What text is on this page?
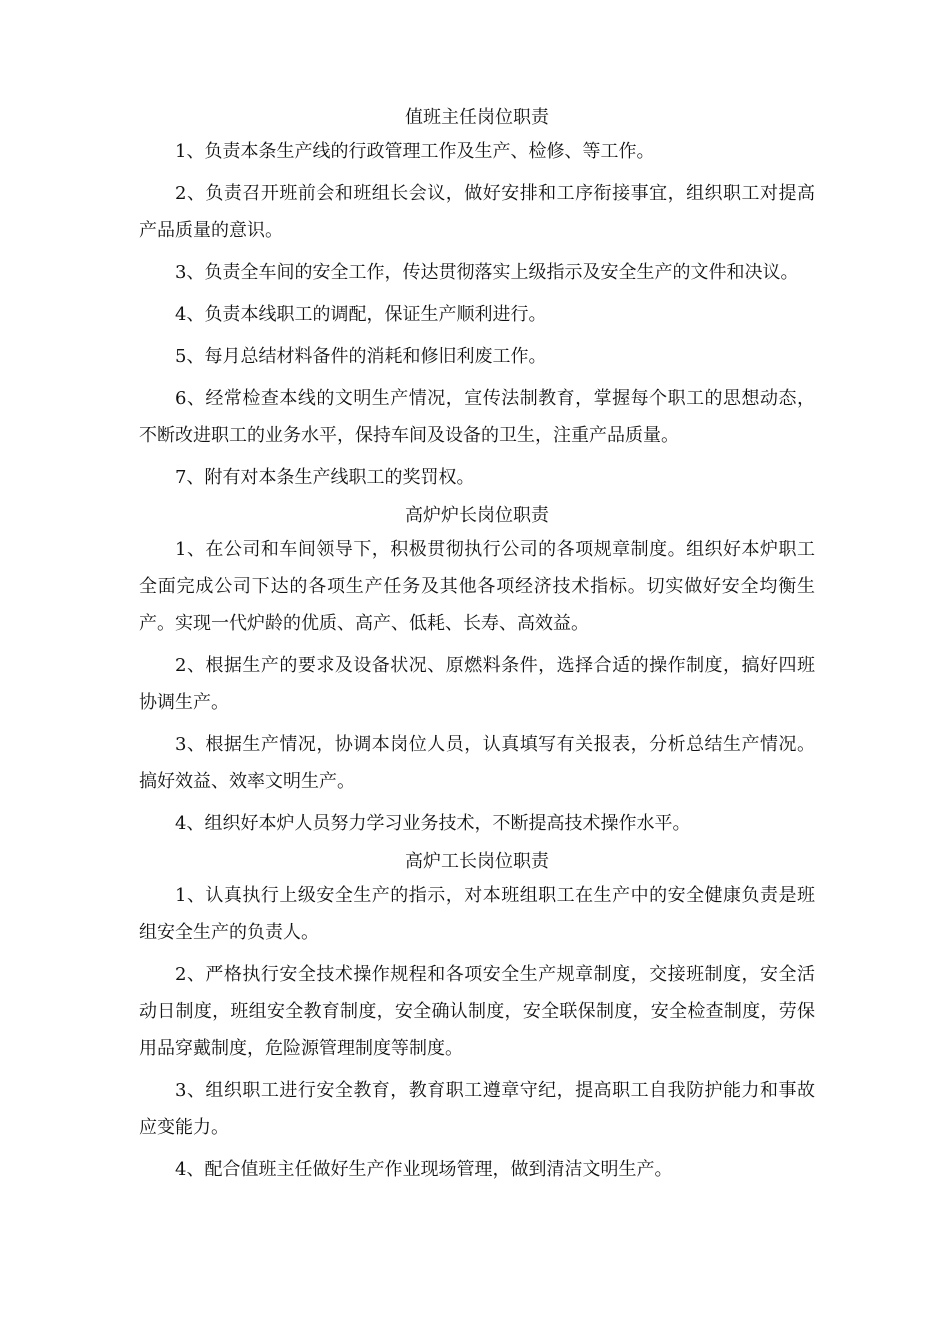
值班主任岗位职责

1、负责本条生产线的行政管理工作及生产、检修、等工作。

2、负责召开班前会和班组长会议，做好安排和工序衔接事宜，组织职工对提高产品质量的意识。

3、负责全车间的安全工作，传达贯彻落实上级指示及安全生产的文件和决议。

4、负责本线职工的调配，保证生产顺利进行。

5、每月总结材料备件的消耗和修旧利废工作。

6、经常检查本线的文明生产情况，宣传法制教育，掌握每个职工的思想动态，不断改进职工的业务水平，保持车间及设备的卫生，注重产品质量。

7、附有对本条生产线职工的奖罚权。

高炉炉长岗位职责

1、在公司和车间领导下，积极贯彻执行公司的各项规章制度。组织好本炉职工全面完成公司下达的各项生产任务及其他各项经济技术指标。切实做好安全均衡生产。实现一代炉龄的优质、高产、低耗、长寿、高效益。

2、根据生产的要求及设备状况、原燃料条件，选择合适的操作制度，搞好四班协调生产。

3、根据生产情况，协调本岗位人员，认真填写有关报表，分析总结生产情况。搞好效益、效率文明生产。

4、组织好本炉人员努力学习业务技术，不断提高技术操作水平。

高炉工长岗位职责

1、认真执行上级安全生产的指示，对本班组职工在生产中的安全健康负责是班组安全生产的负责人。

2、严格执行安全技术操作规程和各项安全生产规章制度，交接班制度，安全活动日制度，班组安全教育制度，安全确认制度，安全联保制度，安全检查制度，劳保用品穿戴制度，危险源管理制度等制度。

3、组织职工进行安全教育，教育职工遵章守纪，提高职工自我防护能力和事故应变能力。

4、配合值班主任做好生产作业现场管理，做到清洁文明生产。
